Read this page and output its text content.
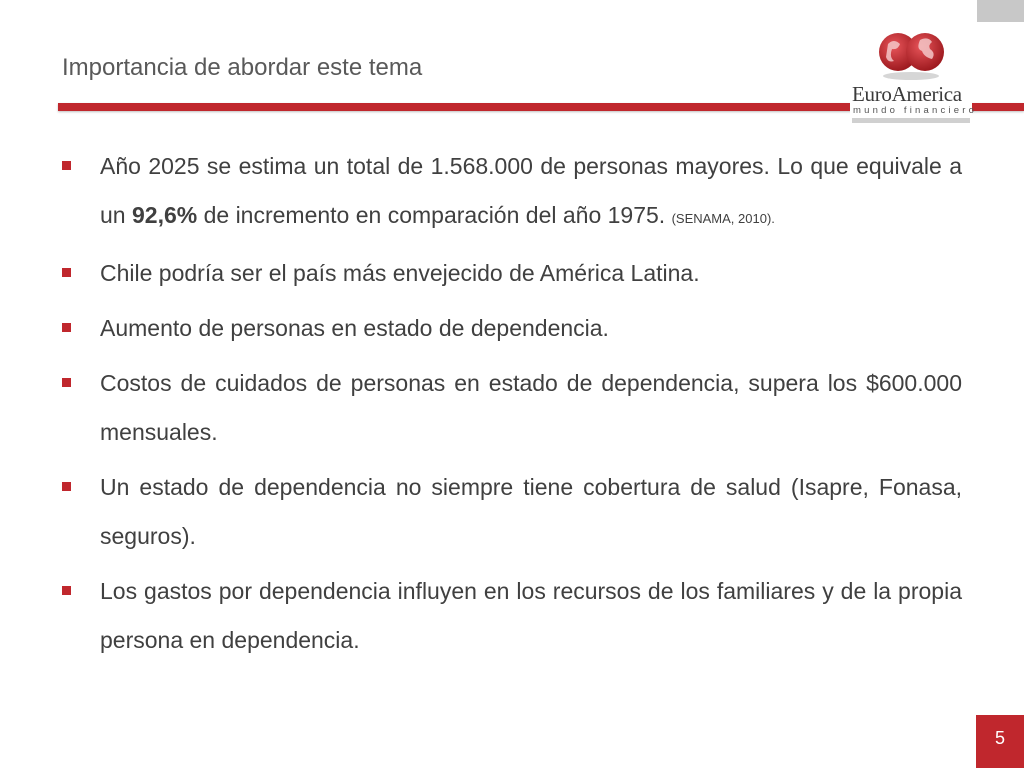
Importancia de abordar este tema
EuroAmerica
mundo financiero
Año 2025 se estima un total de 1.568.000 de personas mayores. Lo que equivale a un 92,6% de incremento en comparación del año 1975. (SENAMA, 2010).
Chile podría ser el país más envejecido de América Latina.
Aumento de personas en estado de dependencia.
Costos de cuidados de personas en estado de dependencia, supera los $600.000 mensuales.
Un estado de dependencia no siempre tiene cobertura de salud (Isapre, Fonasa, seguros).
Los gastos por dependencia influyen en los recursos de los familiares y de la propia persona en dependencia.
5
